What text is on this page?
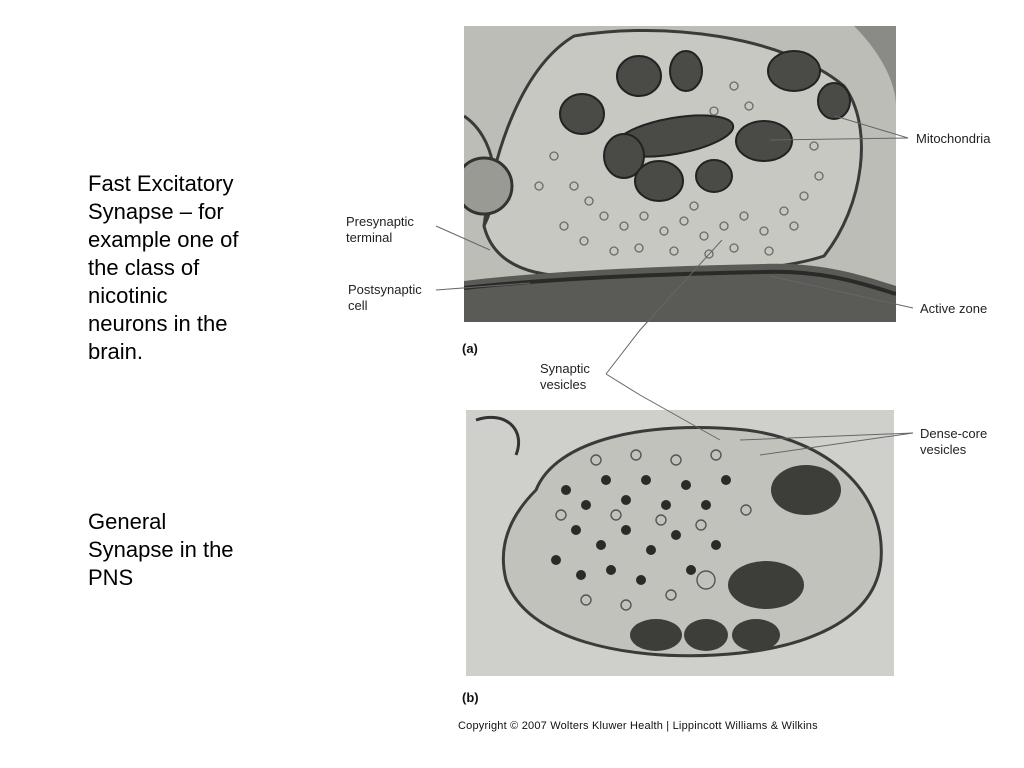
Fast Excitatory
Synapse – for
example one of
the class of
nicotinic
neurons in the
brain.
General
Synapse in the
PNS
Mitochondria
Presynaptic
terminal
Postsynaptic
cell	Active zone
Synaptic
vesicles
Dense-core
vesicles
(a)
(b)
Copyright © 2007 Wolters Kluwer Health | Lippincott Williams & Wilkins
